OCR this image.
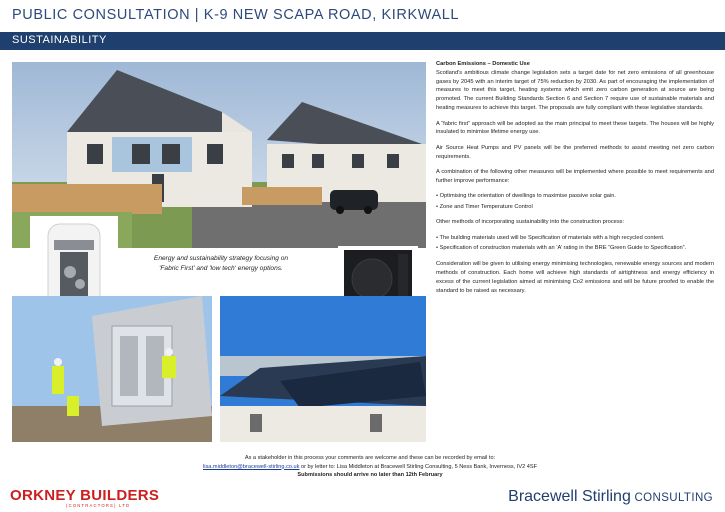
PUBLIC CONSULTATION | K-9 NEW SCAPA ROAD, KIRKWALL
SUSTAINABILITY
Energy and sustainability strategy focusing on
'Fabric First' and 'low tech' energy options.

Carbon Emissions – Domestic Use

Scotland's ambitious climate change legislation sets a target date for net zero emissions of all greenhouse gases by 2045 with an interim target of 75% reduction by 2030. As part of encouraging the implementation of measures to meet this target, heating systems which emit zero carbon generation at source are being promoted. The current Building Standards Section 6 and Section 7 require use of sustainable materials and heating measures to achieve this target. The proposals are fully compliant with these legislative standards.

A “fabric first” approach will be adopted as the main principal to meet these targets. The houses will be highly insulated to minimise lifetime energy use.

Air Source Heat Pumps and PV panels will be the preferred methods to assist meeting net zero carbon requirements.

A combination of the following other measures will be implemented where possible to meet requirements and further improve performance:

• Optimising the orientation of dwellings to maximise passive solar gain.

• Zone and Timer Temperature Control

Other methods of incorporating sustainability into the construction process:

• The building materials used will be Specification of materials with a high recycled content.

• Specification of construction materials with an ‘A’ rating in the BRE “Green Guide to Specification”.

Consideration will be given to utilising energy minimising technologies, renewable energy sources and modern methods of construction. Each home will achieve high standards of airtightness and energy efficiency in excess of the current legislation aimed at minimising Co2 emissions and will be future proofed to enable the standard to be raised as necessary.

As a stakeholder in this process your comments are welcome and these can be recorded by email to:
lisa.middleton@bracewell-stirling.co.uk or by letter to: Lisa Middleton at Bracewell Stirling Consulting, 5 Ness Bank, Inverness, IV2 4SF
Submissions should arrive no later than 12th February
ORKNEY BUILDERS
(CONTRACTORS) LTD
Bracewell Stirling CONSULTING
